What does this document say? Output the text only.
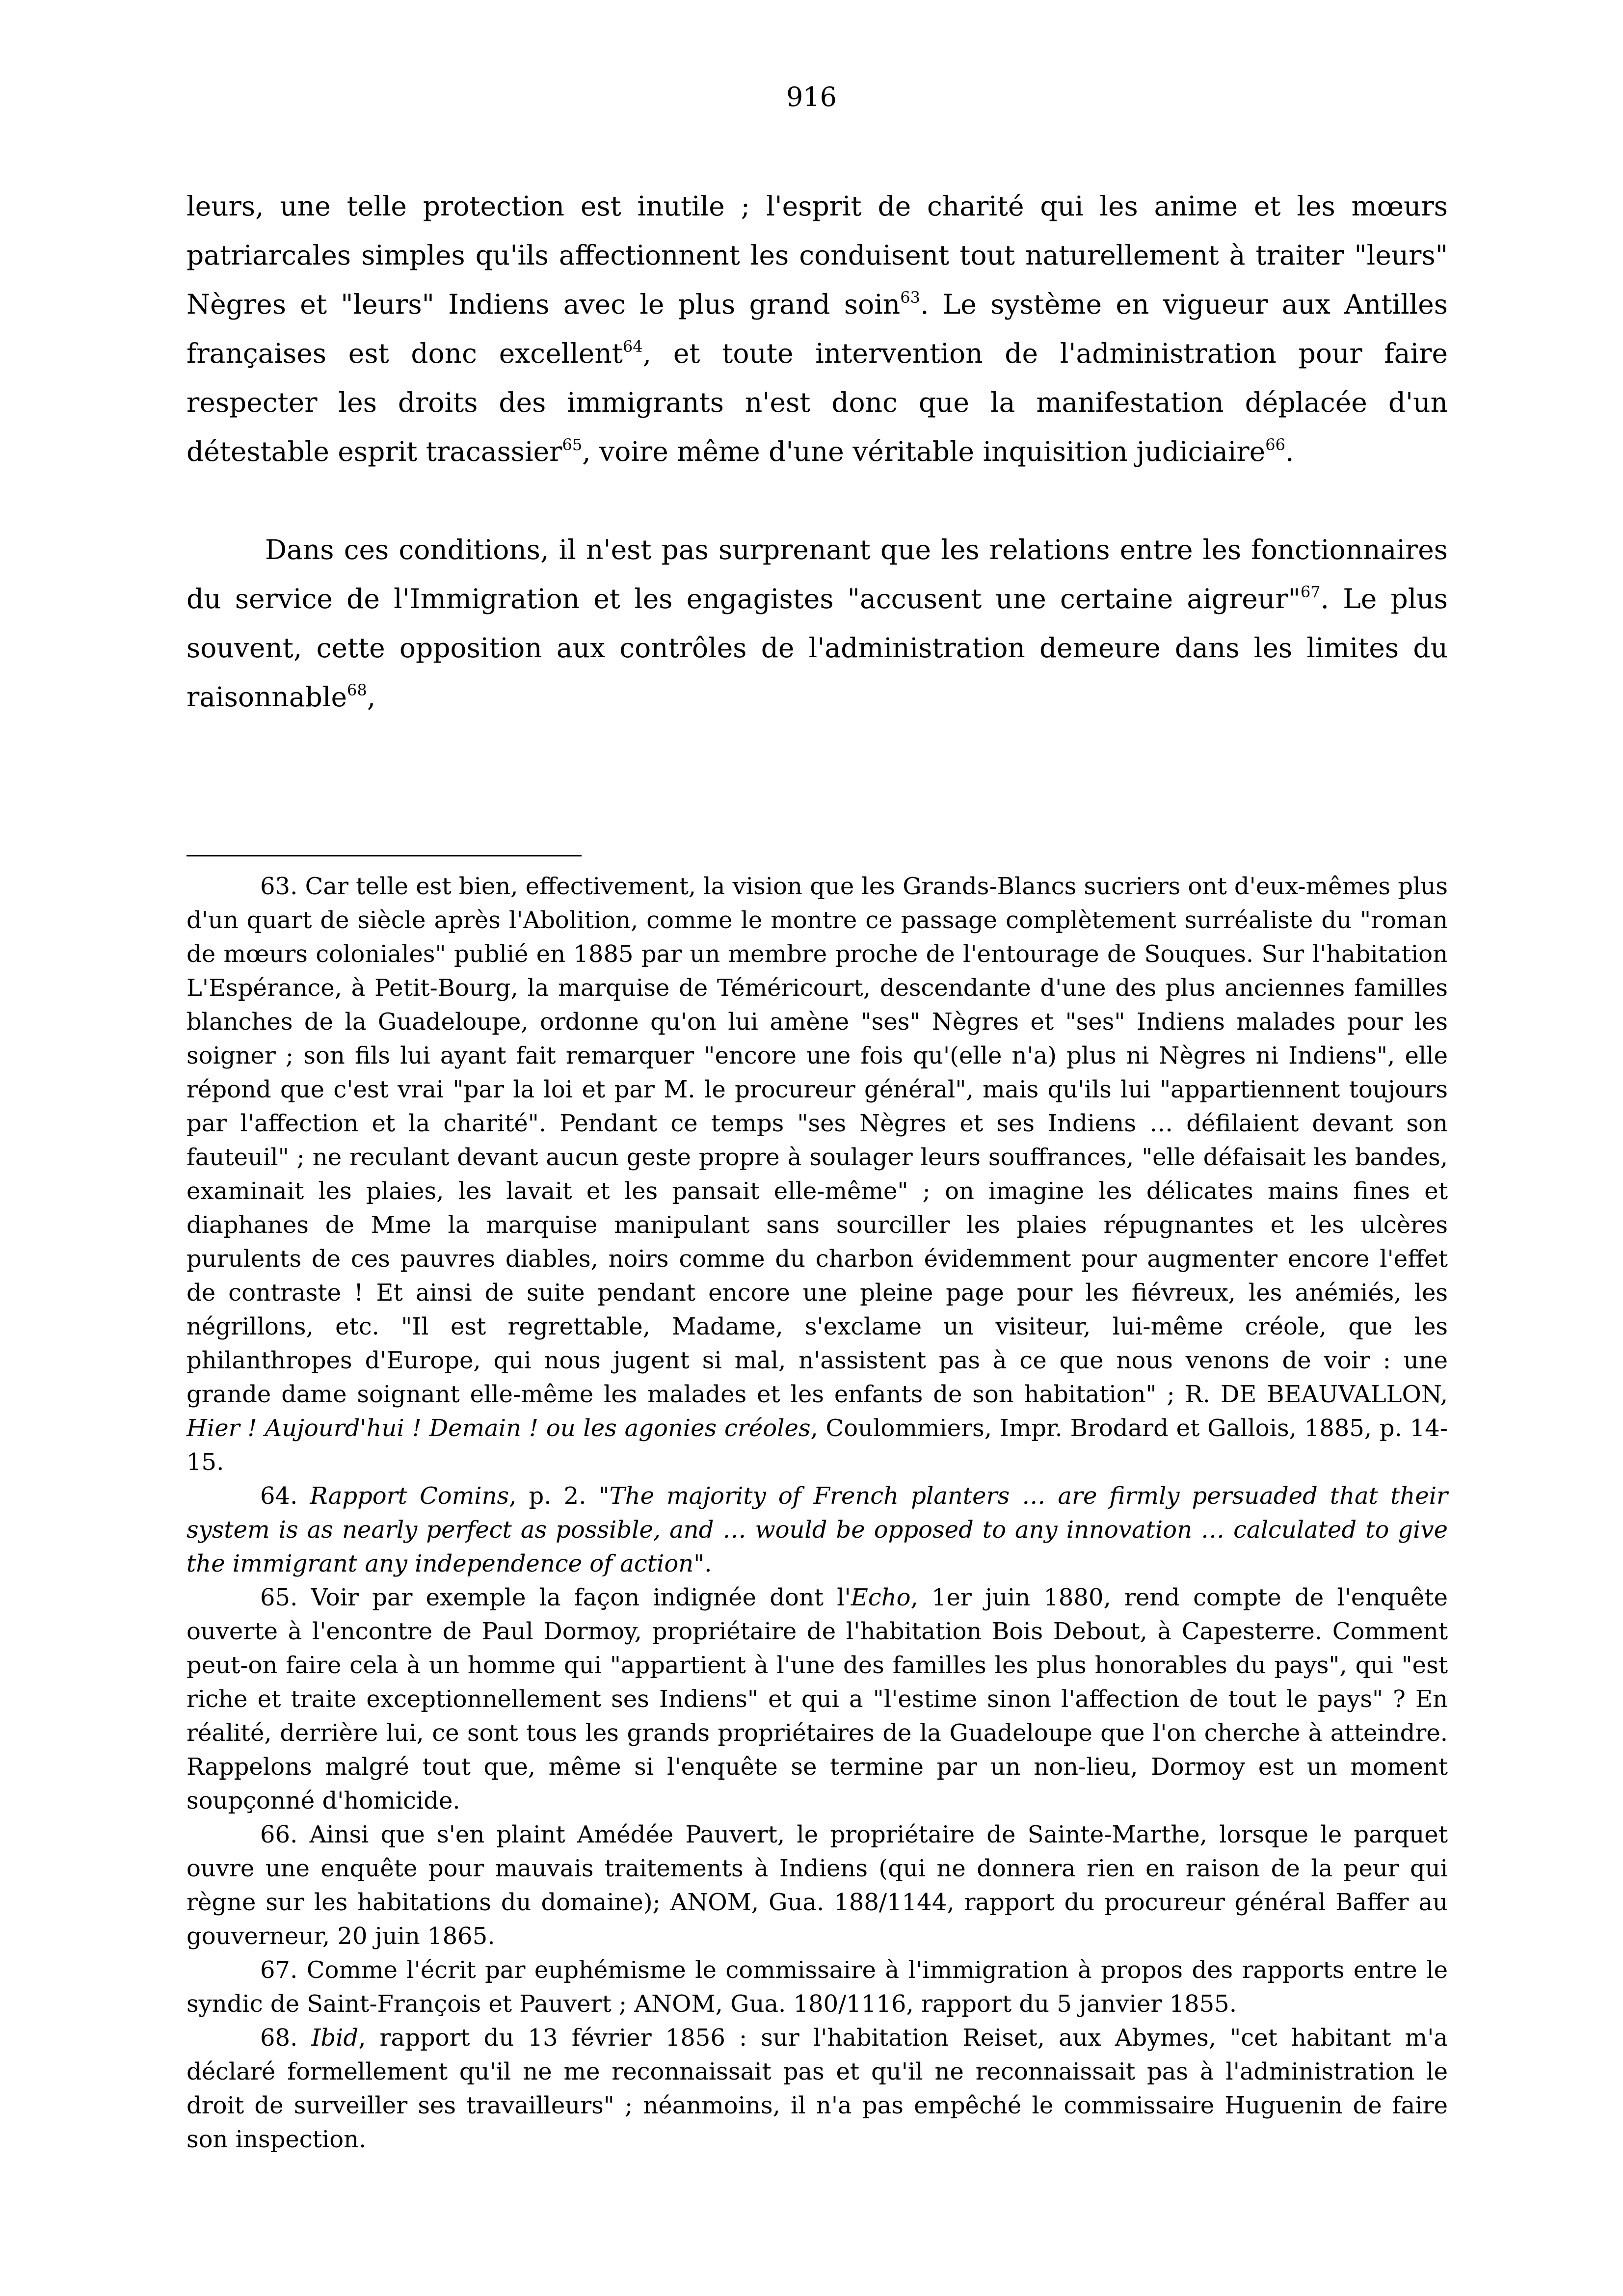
916

leurs, une telle protection est inutile ; l'esprit de charité qui les anime et les mœurs patriarcales simples qu'ils affectionnent les conduisent tout naturellement à traiter "leurs" Nègres et "leurs" Indiens avec le plus grand soin$^{63}$. Le système en vigueur aux Antilles françaises est donc excellent$^{64}$, et toute intervention de l'administration pour faire respecter les droits des immigrants n'est donc que la manifestation déplacée d'un détestable esprit tracassier$^{65}$, voire même d'une véritable inquisition judiciaire$^{66}$.

Dans ces conditions, il n'est pas surprenant que les relations entre les fonctionnaires du service de l'Immigration et les engagistes "accusent une certaine aigreur"$^{67}$. Le plus souvent, cette opposition aux contrôles de l'administration demeure dans les limites du raisonnable$^{68}$,

63. Car telle est bien, effectivement, la vision que les Grands-Blancs sucriers ont d'eux-mêmes plus d'un quart de siècle après l'Abolition, comme le montre ce passage complètement surréaliste du "roman de mœurs coloniales" publié en 1885 par un membre proche de l'entourage de Souques. Sur l'habitation L'Espérance, à Petit-Bourg, la marquise de Téméricourt, descendante d'une des plus anciennes familles blanches de la Guadeloupe, ordonne qu'on lui amène "ses" Nègres et "ses" Indiens malades pour les soigner ; son fils lui ayant fait remarquer "encore une fois qu'(elle n'a) plus ni Nègres ni Indiens", elle répond que c'est vrai "par la loi et par M. le procureur général", mais qu'ils lui "appartiennent toujours par l'affection et la charité". Pendant ce temps "ses Nègres et ses Indiens … défilaient devant son fauteuil" ; ne reculant devant aucun geste propre à soulager leurs souffrances, "elle défaisait les bandes, examinait les plaies, les lavait et les pansait elle-même" ; on imagine les délicates mains fines et diaphanes de Mme la marquise manipulant sans sourciller les plaies répugnantes et les ulcères purulents de ces pauvres diables, noirs comme du charbon évidemment pour augmenter encore l'effet de contraste ! Et ainsi de suite pendant encore une pleine page pour les fiévreux, les anémiés, les négrillons, etc. "Il est regrettable, Madame, s'exclame un visiteur, lui-même créole, que les philanthropes d'Europe, qui nous jugent si mal, n'assistent pas à ce que nous venons de voir : une grande dame soignant elle-même les malades et les enfants de son habitation" ; R. DE BEAUVALLON, Hier ! Aujourd'hui ! Demain ! ou les agonies créoles, Coulommiers, Impr. Brodard et Gallois, 1885, p. 14-15.

64. Rapport Comins, p. 2. "The majority of French planters … are firmly persuaded that their system is as nearly perfect as possible, and … would be opposed to any innovation … calculated to give the immigrant any independence of action".

65. Voir par exemple la façon indignée dont l'Echo, 1er juin 1880, rend compte de l'enquête ouverte à l'encontre de Paul Dormoy, propriétaire de l'habitation Bois Debout, à Capesterre. Comment peut-on faire cela à un homme qui "appartient à l'une des familles les plus honorables du pays", qui "est riche et traite exceptionnellement ses Indiens" et qui a "l'estime sinon l'affection de tout le pays" ? En réalité, derrière lui, ce sont tous les grands propriétaires de la Guadeloupe que l'on cherche à atteindre. Rappelons malgré tout que, même si l'enquête se termine par un non-lieu, Dormoy est un moment soupçonné d'homicide.

66. Ainsi que s'en plaint Amédée Pauvert, le propriétaire de Sainte-Marthe, lorsque le parquet ouvre une enquête pour mauvais traitements à Indiens (qui ne donnera rien en raison de la peur qui règne sur les habitations du domaine); ANOM, Gua. 188/1144, rapport du procureur général Baffer au gouverneur, 20 juin 1865.

67. Comme l'écrit par euphémisme le commissaire à l'immigration à propos des rapports entre le syndic de Saint-François et Pauvert ; ANOM, Gua. 180/1116, rapport du 5 janvier 1855.

68. Ibid, rapport du 13 février 1856 : sur l'habitation Reiset, aux Abymes, "cet habitant m'a déclaré formellement qu'il ne me reconnaissait pas et qu'il ne reconnaissait pas à l'administration le droit de surveiller ses travailleurs" ; néanmoins, il n'a pas empêché le commissaire Huguenin de faire son inspection.
